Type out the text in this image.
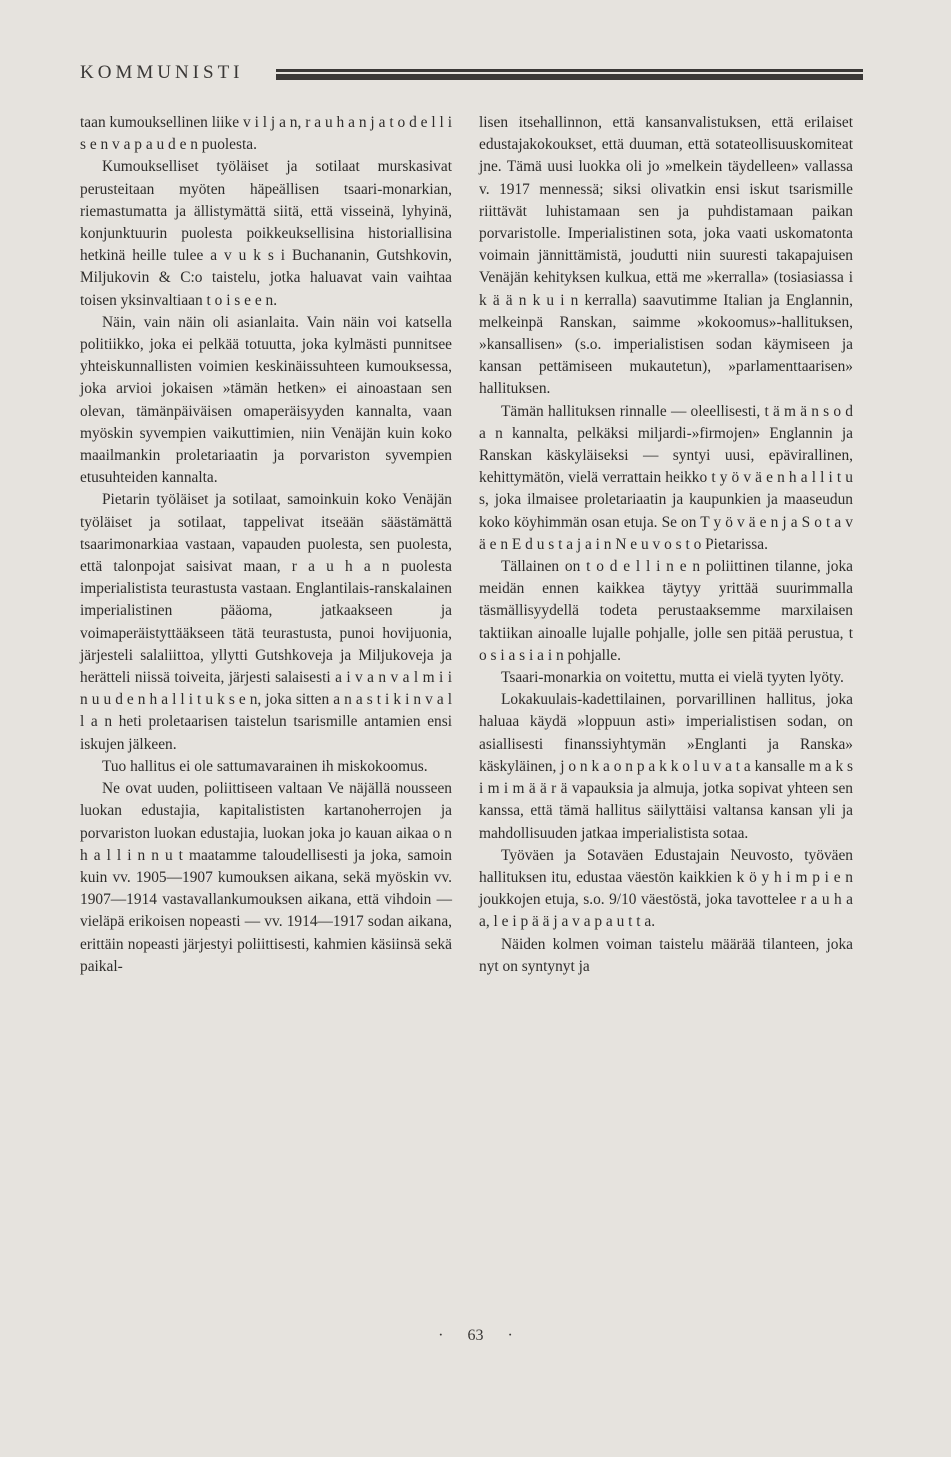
KOMMUNISTI

taan kumouksellinen liike v i l j a n, r a u h a n j a t o d e l l i s e n v a p a u d e n puolesta.

Kumoukselliset työläiset ja sotilaat murskasivat perusteitaan myöten häpeällisen tsaari-monarkian, riemastumatta ja ällistymättä siitä, että visseinä, lyhyinä, konjunktuurin puolesta poikkeuksellisina historiallisina hetkinä heille tulee a v u k s i Buchananin, Gutshkovin, Miljukovin & C:o taistelu, jotka haluavat vain vaihtaa toisen yksinvaltiaan t o i s e e n.

Näin, vain näin oli asianlaita. Vain näin voi katsella politiikko, joka ei pelkää totuutta, joka kylmästi punnitsee yhteiskunnallisten voimien keskinäissuhteen kumouksessa, joka arvioi jokaisen »tämän hetken» ei ainoastaan sen olevan, tämänpäiväisen omaperäisyyden kannalta, vaan myöskin syvempien vaikuttimien, niin Venäjän kuin koko maailmankin proletariaatin ja porvariston syvempien etusuhteiden kannalta.

Pietarin työläiset ja sotilaat, samoinkuin koko Venäjän työläiset ja sotilaat, tappelivat itseään säästämättä tsaarimonarkiaa vastaan, vapauden puolesta, sen puolesta, että talonpojat saisivat maan, r a u h a n puolesta imperialistista teurastusta vastaan. Englantilais-ranskalainen imperialistinen pääoma, jatkaakseen ja voimaperäistyttääkseen tätä teurastusta, punoi hovijuonia, järjesteli salaliittoa, yllytti Gutshkoveja ja Miljukoveja ja herätteli niissä toiveita, järjesti salaisesti a i v a n v a l m i i n u u d e n h a l l i t u k s e n, joka sitten a n a s t i k i n v a l l a n heti proletaarisen taistelun tsarismille antamien ensi iskujen jälkeen.

Tuo hallitus ei ole sattumavarainen ih miskokoomus.

Ne ovat uuden, poliittiseen valtaan Ve näjällä nousseen luokan edustajia, kapitalististen kartanoherrojen ja porvariston luokan edustajia, luokan joka jo kauan aikaa o n h a l l i n n u t maatamme taloudellisesti ja joka, samoin kuin vv. 1905—1907 kumouksen aikana, sekä myöskin vv. 1907—1914 vastavallankumouksen aikana, että vihdoin — vieläpä erikoisen nopeasti — vv. 1914—1917 sodan aikana, erittäin nopeasti järjestyi poliittisesti, kahmien käsiinsä sekä paikal-

lisen itsehallinnon, että kansanvalistuksen, että erilaiset edustajakokoukset, että duuman, että sotateollisuuskomiteat jne. Tämä uusi luokka oli jo »melkein täydelleen» vallassa v. 1917 mennessä; siksi olivatkin ensi iskut tsarismille riittävät luhistamaan sen ja puhdistamaan paikan porvaristolle. Imperialistinen sota, joka vaati uskomatonta voimain jännittämistä, joudutti niin suuresti takapajuisen Venäjän kehityksen kulkua, että me »kerralla» (tosiasiassa i k ä ä n k u i n kerralla) saavutimme Italian ja Englannin, melkeinpä Ranskan, saimme »kokoomus»-hallituksen, »kansallisen» (s.o. imperialistisen sodan käymiseen ja kansan pettämiseen mukautetun), »parlamenttaarisen» hallituksen.

Tämän hallituksen rinnalle — oleellisesti, t ä m ä n s o d a n kannalta, pelkäksi miljardi-»firmojen» Englannin ja Ranskan käskyläiseksi — syntyi uusi, epävirallinen, kehittymätön, vielä verrattain heikko t y ö v ä e n h a l l i t u s, joka ilmaisee proletariaatin ja kaupunkien ja maaseudun koko köyhimmän osan etuja. Se on T y ö v ä e n j a S o t a v ä e n E d u s t a j a i n N e u v o s t o Pietarissa.

Tällainen on t o d e l l i n e n poliittinen tilanne, joka meidän ennen kaikkea täytyy yrittää suurimmalla täsmällisyydellä todeta perustaaksemme marxilaisen taktiikan ainoalle lujalle pohjalle, jolle sen pitää perustua, t o s i a s i a i n pohjalle.

Tsaari-monarkia on voitettu, mutta ei vielä tyyten lyöty.

Lokakuulais-kadettilainen, porvarillinen hallitus, joka haluaa käydä »loppuun asti» imperialistisen sodan, on asiallisesti finanssiyhtymän »Englanti ja Ranska» käskyläinen, j o n k a o n p a k k o l u v a t a kansalle m a k s i m i m ä ä r ä vapauksia ja almuja, jotka sopivat yhteen sen kanssa, että tämä hallitus säilyttäisi valtansa kansan yli ja mahdollisuuden jatkaa imperialistista sotaa.

Työväen ja Sotaväen Edustajain Neuvosto, työväen hallituksen itu, edustaa väestön kaikkien k ö y h i m p i e n joukkojen etuja, s.o. 9/10 väestöstä, joka tavottelee r a u h a a, l e i p ä ä j a v a p a u t t a.

Näiden kolmen voiman taistelu määrää tilanteen, joka nyt on syntynyt ja

· 63 ·
